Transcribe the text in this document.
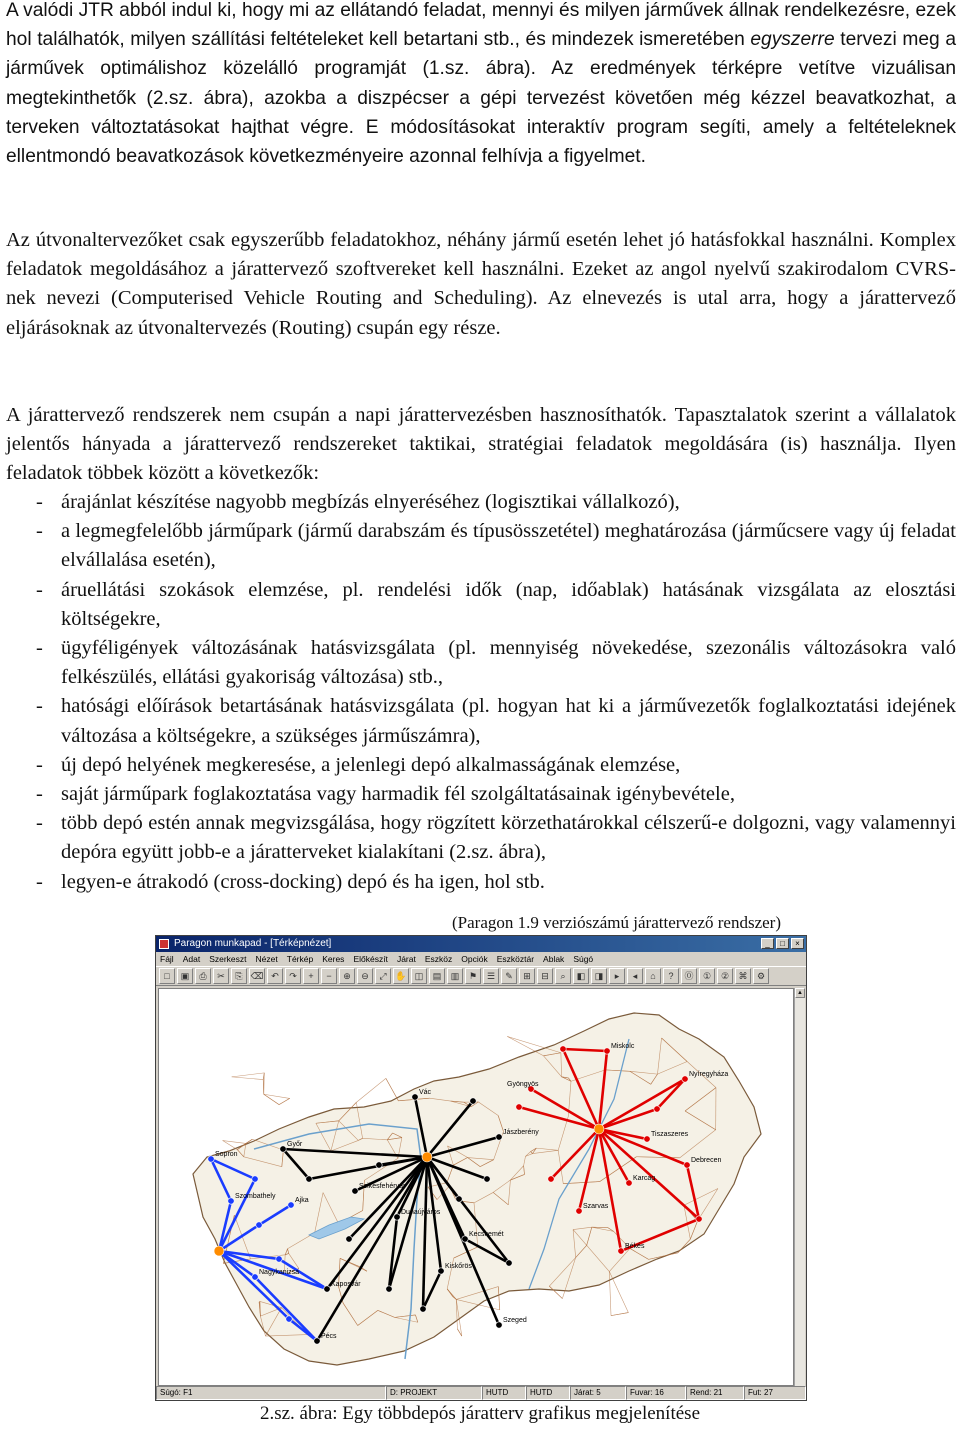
A valódi JTR abból indul ki, hogy mi az ellátandó feladat, mennyi és milyen járművek állnak rendelkezésre, ezek hol találhatók, milyen szállítási feltételeket kell betartani stb., és mindezek ismeretében egyszerre tervezi meg a járművek optimálishoz közelálló programját (1.sz. ábra). Az eredmények térképre vetítve vizuálisan megtekinthetők (2.sz. ábra), azokba a diszpécser a gépi tervezést követően még kézzel beavatkozhat, a terveken változtatásokat hajthat végre. E módosításokat interaktív program segíti, amely a feltételeknek ellentmondó beavatkozások következményeire azonnal felhívja a figyelmet.

Az útvonaltervezőket csak egyszerűbb feladatokhoz, néhány jármű esetén lehet jó hatásfokkal használni. Komplex feladatok megoldásához a járattervező szoftvereket kell használni. Ezeket az angol nyelvű szakirodalom CVRS-nek nevezi (Computerised Vehicle Routing and Scheduling). Az elnevezés is utal arra, hogy a járattervező eljárásoknak az útvonaltervezés (Routing) csupán egy része.

A járattervező rendszerek nem csupán a napi járattervezésben hasznosíthatók. Tapasztalatok szerint a vállalatok jelentős hányada a járattervező rendszereket taktikai, stratégiai feladatok megoldására (is) használja. Ilyen feladatok többek között a következők:

- árajánlat készítése nagyobb megbízás elnyeréséhez (logisztikai vállalkozó),
- a legmegfelelőbb járműpark (jármű darabszám és típusösszetétel) meghatározása (járműcsere vagy új feladat elvállalása esetén),
- áruellátási szokások elemzése, pl. rendelési idők (nap, időablak) hatásának vizsgálata az elosztási költségekre,
- ügyféligények változásának hatásvizsgálata (pl. mennyiség növekedése, szezonális változásokra való felkészülés, ellátási gyakoriság változása) stb.,
- hatósági előírások betartásának hatásvizsgálata (pl. hogyan hat ki a járművezetők foglalkoztatási idejének változása a költségekre, a szükséges járműszámra),
- új depó helyének megkeresése, a jelenlegi depó alkalmasságának elemzése,
- saját járműpark foglakoztatása vagy harmadik fél szolgáltatásainak igénybevétele,
- több depó estén annak megvizsgálása, hogy rögzített körzethatárokkal célszerű-e dolgozni, vagy valamennyi depóra együtt jobb-e a járatterveket kialakítani (2.sz. ábra),
- legyen-e átrakodó (cross-docking) depó és ha igen, hol stb.
(Paragon 1.9 verziószámú járattervező rendszer)
Paragon munkapad - [Térképnézet]	_	□	×
Fájl Adat Szerkeszt Nézet Térkép Keres Előkészít Járat Eszköz Opciók Eszköztár Ablak Súgó
□	▣	⎙	✂	⎘ ⌫ ↶	↷	+	−	⊕	⊖	⤢ ✋ ◫	▤	▥	⚑	☰	✎	⊞	⊟	⌕	◧	◨	▸	◂	⌂	?	⓪	①	②	⌘	⚙
Sopron
Győr
Szombathely
Ajka
Nagykanizsa
Kaposvár
Pécs
Vác
Szikesfehérvár
Dunaújváros
Kecskemét
Kiskőrös
Szeged
Jászberény
Gyöngyös
Miskolc
Nyíregyháza
Tiszaszeres
Debrecen
Karcag
Szarvas
Békés
▲
Súgó: F1	D: PROJEKT	HUTD	HUTD	Járat: 5	Fuvar: 16	Rend: 21	Fut: 27
2.sz. ábra: Egy többdepós járatterv grafikus megjelenítése
